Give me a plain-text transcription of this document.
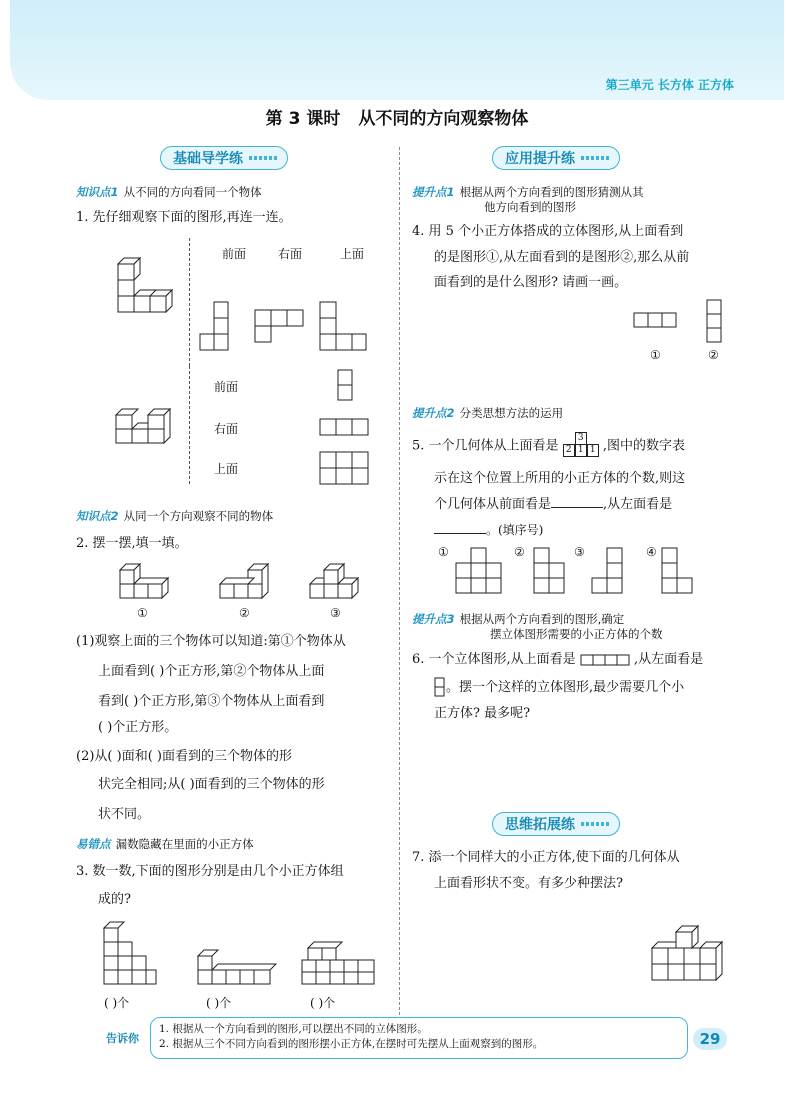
第三单元 长方体 正方体
第 3 课时 从不同的方向观察物体
基础导学练
知识点1 从不同的方向看同一个物体
1. 先仔细观察下面的图形,再连一连。
前面	右面	上面
前面
右面
上面
知识点2 从同一个方向观察不同的物体
2. 摆一摆,填一填。
①	②	③
(1)观察上面的三个物体可以知道:第①个物体从
上面看到( )个正方形,第②个物体从上面
看到( )个正方形,第③个物体从上面看到
( )个正方形。
(2)从( )面和( )面看到的三个物体的形
状完全相同;从( )面看到的三个物体的形
状不同。
易错点 漏数隐藏在里面的小正方体
3. 数一数,下面的图形分别是由几个小正方体组
成的?
( )个	( )个	( )个
应用提升练
提升点1 根据从两个方向看到的图形猜测从其
他方向看到的图形
4. 用 5 个小正方体搭成的立体图形,从上面看到
的是图形①,从左面看到的是图形②,那么从前
面看到的是什么图形? 请画一画。
①	②
提升点2 分类思想方法的运用
5. 一个几何体从上面看是
3
2 1 1 ,图中的数字表
示在这个位置上所用的小正方体的个数,则这
个几何体从前面看是	,从左面看是
。(填序号)
①	②	③	④
提升点3 根据从两个方向看到的图形,确定
摆立体图形需要的小正方体的个数
6. 一个立体图形,从上面看是	,从左面看是
。摆一个这样的立体图形,最少需要几个小
正方体? 最多呢?
思维拓展练
7. 添一个同样大的小正方体,使下面的几何体从
上面看形状不变。有多少种摆法?
告诉你
1. 根据从一个方向看到的图形,可以摆出不同的立体图形。
2. 根据从三个不同方向看到的图形摆小正方体,在摆时可先摆从上面观察到的图形。	29
